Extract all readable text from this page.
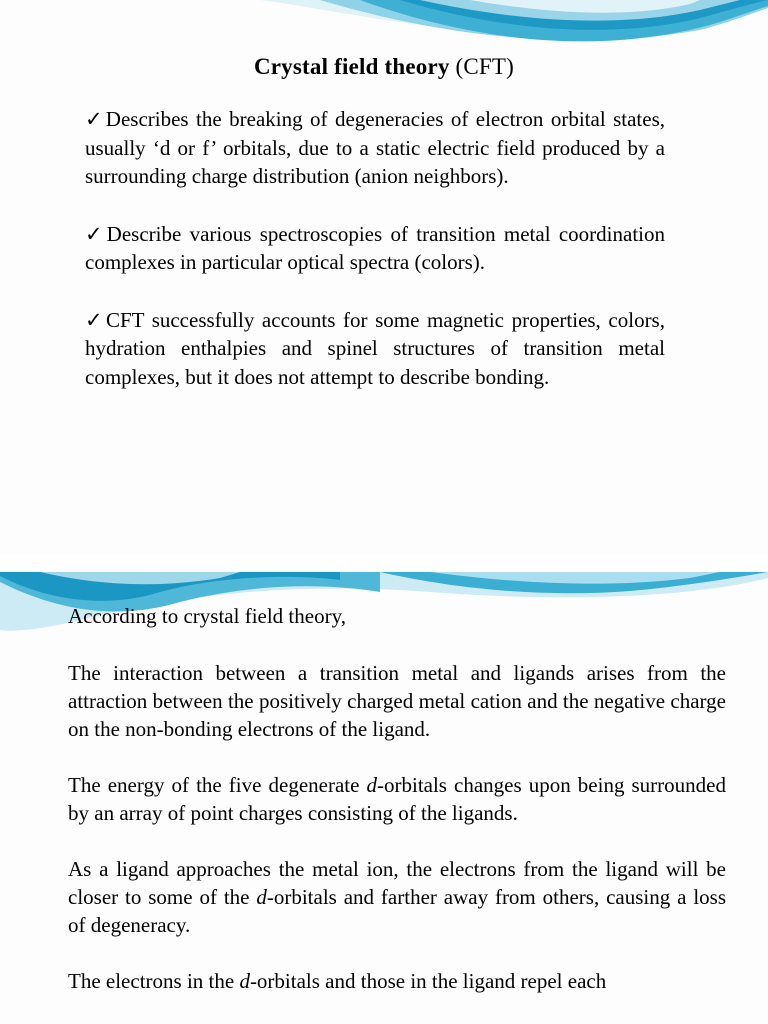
Crystal field theory (CFT)

✓Describes the breaking of degeneracies of electron orbital states, usually ‘d or f’ orbitals, due to a static electric field produced by a surrounding charge distribution (anion neighbors).

✓Describe various spectroscopies of transition metal coordination complexes in particular optical spectra (colors).

✓CFT successfully accounts for some magnetic properties, colors, hydration enthalpies and spinel structures of transition metal complexes, but it does not attempt to describe bonding.

According to crystal field theory,

The interaction between a transition metal and ligands arises from the attraction between the positively charged metal cation and the negative charge on the non-bonding electrons of the ligand.

The energy of the five degenerate d-orbitals changes upon being surrounded by an array of point charges consisting of the ligands.

As a ligand approaches the metal ion, the electrons from the ligand will be closer to some of the d-orbitals and farther away from others, causing a loss of degeneracy.

The electrons in the d-orbitals and those in the ligand repel each
